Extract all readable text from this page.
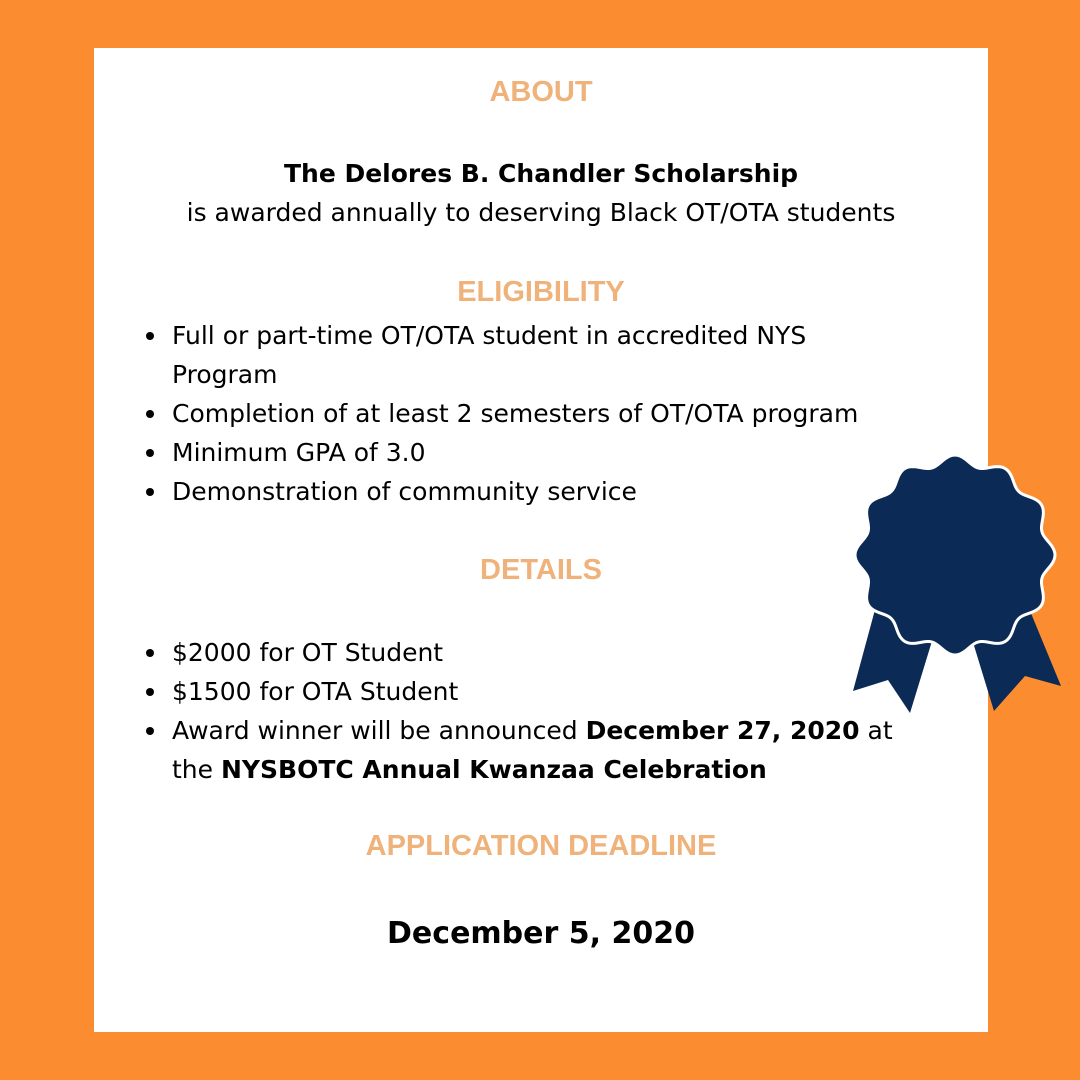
ABOUT
The Delores B. Chandler Scholarship
is awarded annually to deserving Black OT/OTA students
ELIGIBILITY
Full or part-time OT/OTA student in accredited NYS Program
Completion of at least 2 semesters of OT/OTA program
Minimum GPA of 3.0
Demonstration of community service
DETAILS
$2000 for OT Student
$1500 for OTA Student
Award winner will be announced December 27, 2020 at the NYSBOTC Annual Kwanzaa Celebration
APPLICATION DEADLINE
December 5, 2020
